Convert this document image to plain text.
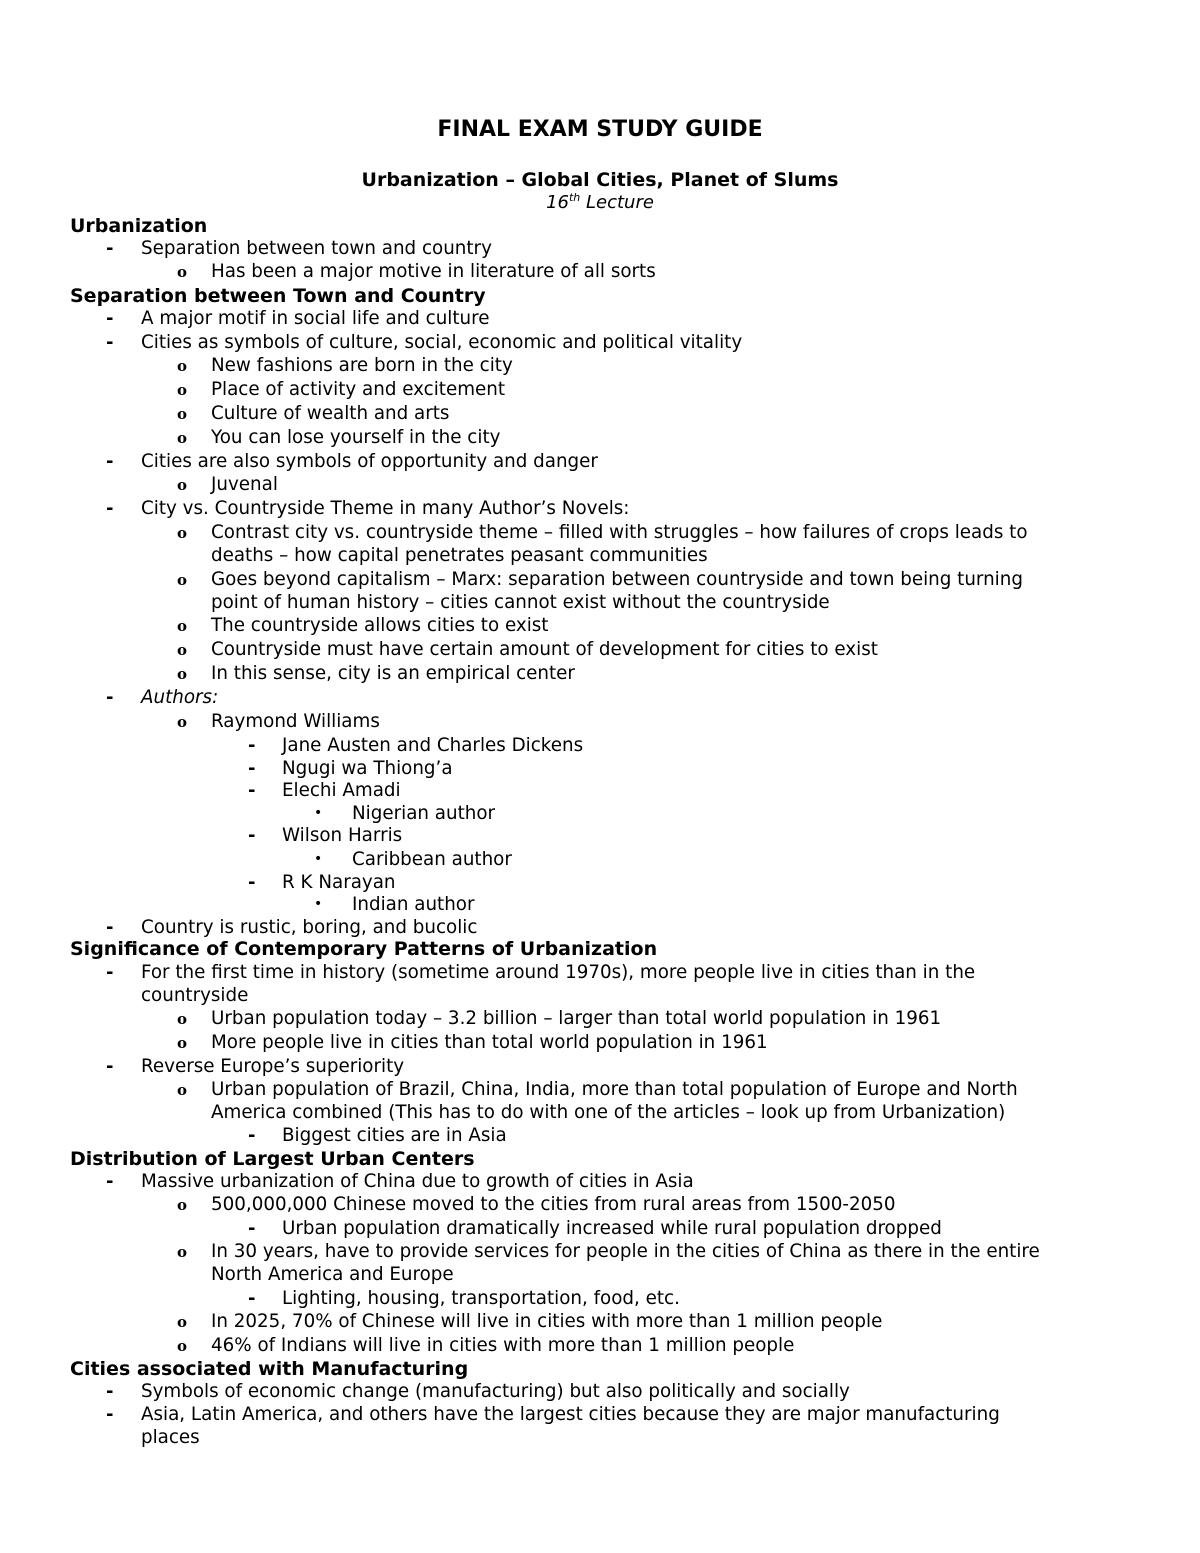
FINAL EXAM STUDY GUIDE
Urbanization – Global Cities, Planet of Slums
16th Lecture
Urbanization
- Separation between town and country
o Has been a major motive in literature of all sorts
Separation between Town and Country
- A major motif in social life and culture
- Cities as symbols of culture, social, economic and political vitality
o New fashions are born in the city
o Place of activity and excitement
o Culture of wealth and arts
o You can lose yourself in the city
- Cities are also symbols of opportunity and danger
o Juvenal
- City vs. Countryside Theme in many Author’s Novels:
o Contrast city vs. countryside theme – filled with struggles – how failures of crops leads to
deaths – how capital penetrates peasant communities
o Goes beyond capitalism – Marx: separation between countryside and town being turning
point of human history – cities cannot exist without the countryside
o The countryside allows cities to exist
o Countryside must have certain amount of development for cities to exist
o In this sense, city is an empirical center
- Authors:
o Raymond Williams
- Jane Austen and Charles Dickens
- Ngugi wa Thiong’a
- Elechi Amadi
• Nigerian author
- Wilson Harris
• Caribbean author
- R K Narayan
• Indian author
- Country is rustic, boring, and bucolic
Significance of Contemporary Patterns of Urbanization
- For the first time in history (sometime around 1970s), more people live in cities than in the
countryside
o Urban population today – 3.2 billion – larger than total world population in 1961
o More people live in cities than total world population in 1961
- Reverse Europe’s superiority
o Urban population of Brazil, China, India, more than total population of Europe and North
America combined (This has to do with one of the articles – look up from Urbanization)
- Biggest cities are in Asia
Distribution of Largest Urban Centers
- Massive urbanization of China due to growth of cities in Asia
o 500,000,000 Chinese moved to the cities from rural areas from 1500-2050
- Urban population dramatically increased while rural population dropped
o In 30 years, have to provide services for people in the cities of China as there in the entire
North America and Europe
- Lighting, housing, transportation, food, etc.
o In 2025, 70% of Chinese will live in cities with more than 1 million people
o 46% of Indians will live in cities with more than 1 million people
Cities associated with Manufacturing
- Symbols of economic change (manufacturing) but also politically and socially
- Asia, Latin America, and others have the largest cities because they are major manufacturing
places
